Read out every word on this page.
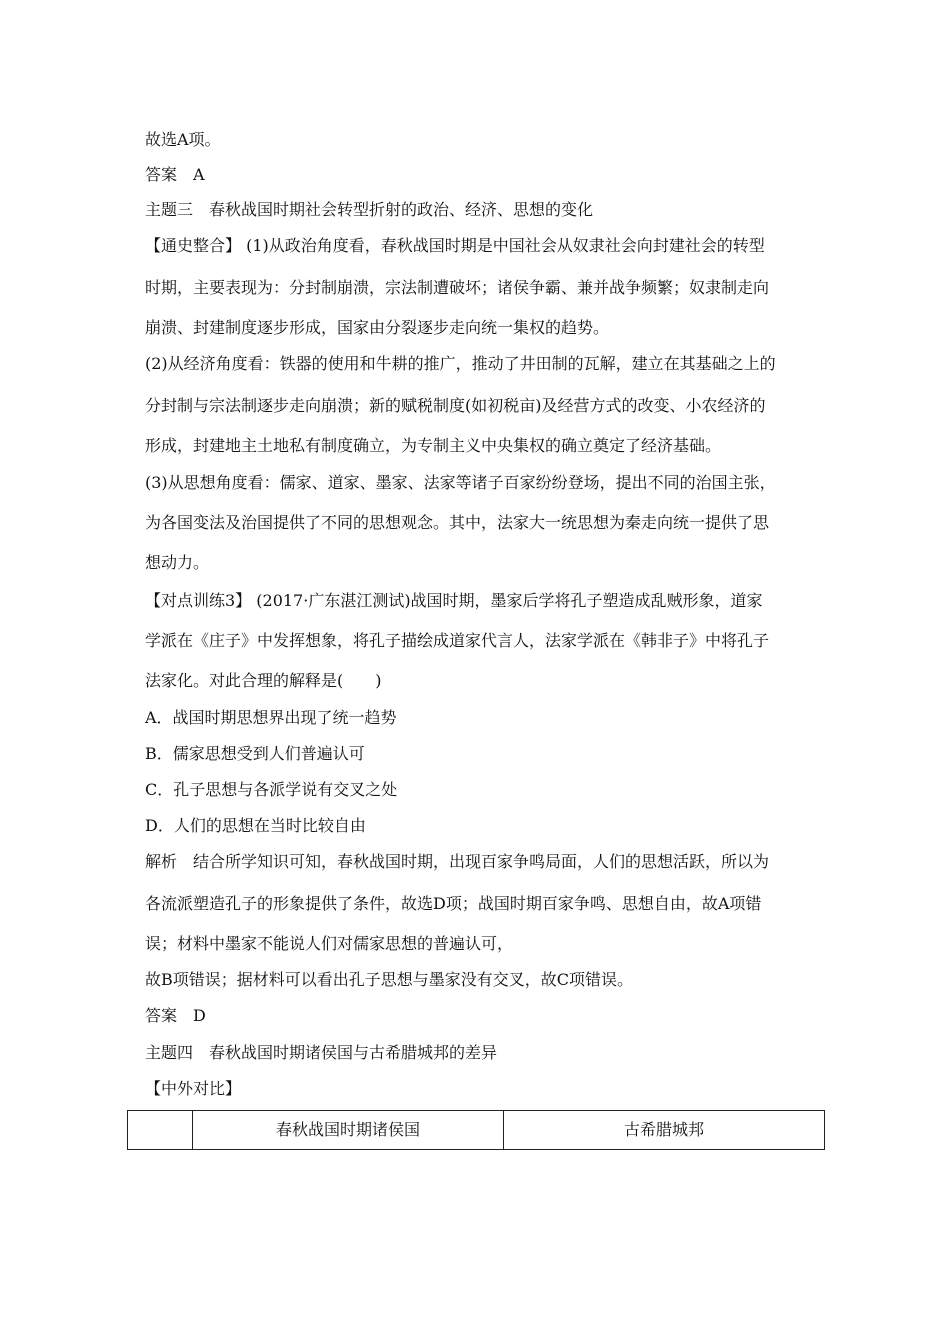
故选A项。
答案　A
主题三　春秋战国时期社会转型折射的政治、经济、思想的变化
【通史整合】 (1)从政治角度看，春秋战国时期是中国社会从奴隶社会向封建社会的转型
时期，主要表现为：分封制崩溃，宗法制遭破坏；诸侯争霸、兼并战争频繁；奴隶制走向
崩溃、封建制度逐步形成，国家由分裂逐步走向统一集权的趋势。
(2)从经济角度看：铁器的使用和牛耕的推广，推动了井田制的瓦解，建立在其基础之上的
分封制与宗法制逐步走向崩溃；新的赋税制度(如初税亩)及经营方式的改变、小农经济的
形成，封建地主土地私有制度确立，为专制主义中央集权的确立奠定了经济基础。
(3)从思想角度看：儒家、道家、墨家、法家等诸子百家纷纷登场，提出不同的治国主张，
为各国变法及治国提供了不同的思想观念。其中，法家大一统思想为秦走向统一提供了思
想动力。
【对点训练3】 (2017·广东湛江测试)战国时期，墨家后学将孔子塑造成乱贼形象，道家
学派在《庄子》中发挥想象，将孔子描绘成道家代言人，法家学派在《韩非子》中将孔子
法家化。对此合理的解释是(　　)
A．战国时期思想界出现了统一趋势
B．儒家思想受到人们普遍认可
C．孔子思想与各派学说有交叉之处
D．人们的思想在当时比较自由
解析　结合所学知识可知，春秋战国时期，出现百家争鸣局面，人们的思想活跃，所以为
各流派塑造孔子的形象提供了条件，故选D项；战国时期百家争鸣、思想自由，故A项错
误；材料中墨家不能说人们对儒家思想的普遍认可，
故B项错误；据材料可以看出孔子思想与墨家没有交叉，故C项错误。
答案　D
主题四　春秋战国时期诸侯国与古希腊城邦的差异
【中外对比】
	春秋战国时期诸侯国	古希腊城邦
